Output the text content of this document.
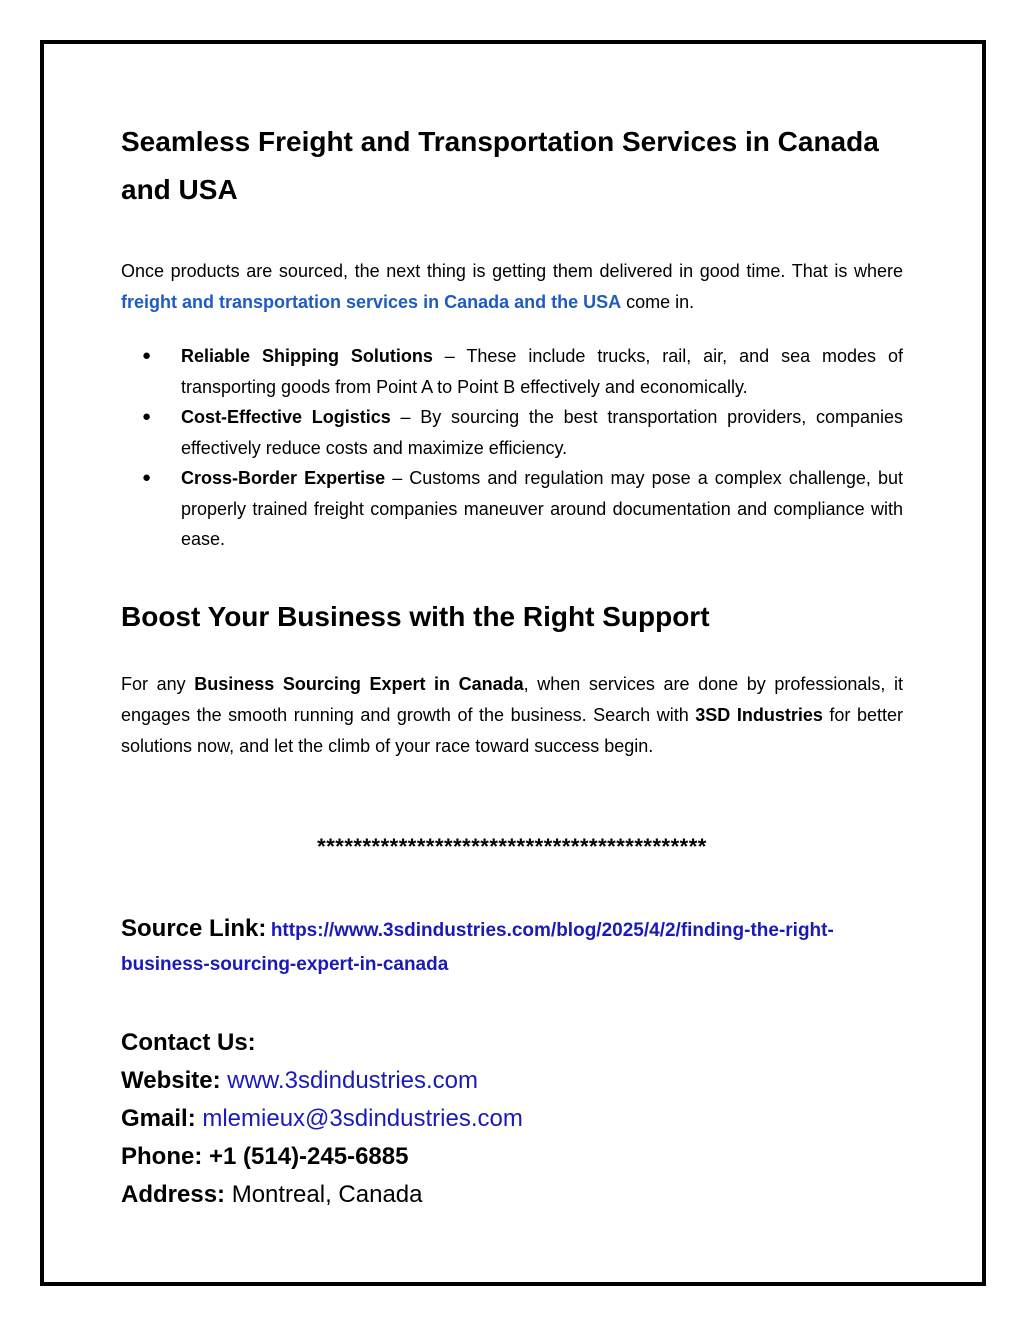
Seamless Freight and Transportation Services in Canada and USA

Once products are sourced, the next thing is getting them delivered in good time. That is where freight and transportation services in Canada and the USA come in.

● Reliable Shipping Solutions – These include trucks, rail, air, and sea modes of transporting goods from Point A to Point B effectively and economically.
● Cost-Effective Logistics – By sourcing the best transportation providers, companies effectively reduce costs and maximize efficiency.
● Cross-Border Expertise – Customs and regulation may pose a complex challenge, but properly trained freight companies maneuver around documentation and compliance with ease.
Boost Your Business with the Right Support

For any Business Sourcing Expert in Canada, when services are done by professionals, it engages the smooth running and growth of the business. Search with 3SD Industries for better solutions now, and let the climb of your race toward success begin.

*******************************************

Source Link: https://www.3sdindustries.com/blog/2025/4/2/finding-the-right-business-sourcing-expert-in-canada

Contact Us:

Website: www.3sdindustries.com

Gmail: mlemieux@3sdindustries.com

Phone: +1 (514)-245-6885

Address: Montreal, Canada
